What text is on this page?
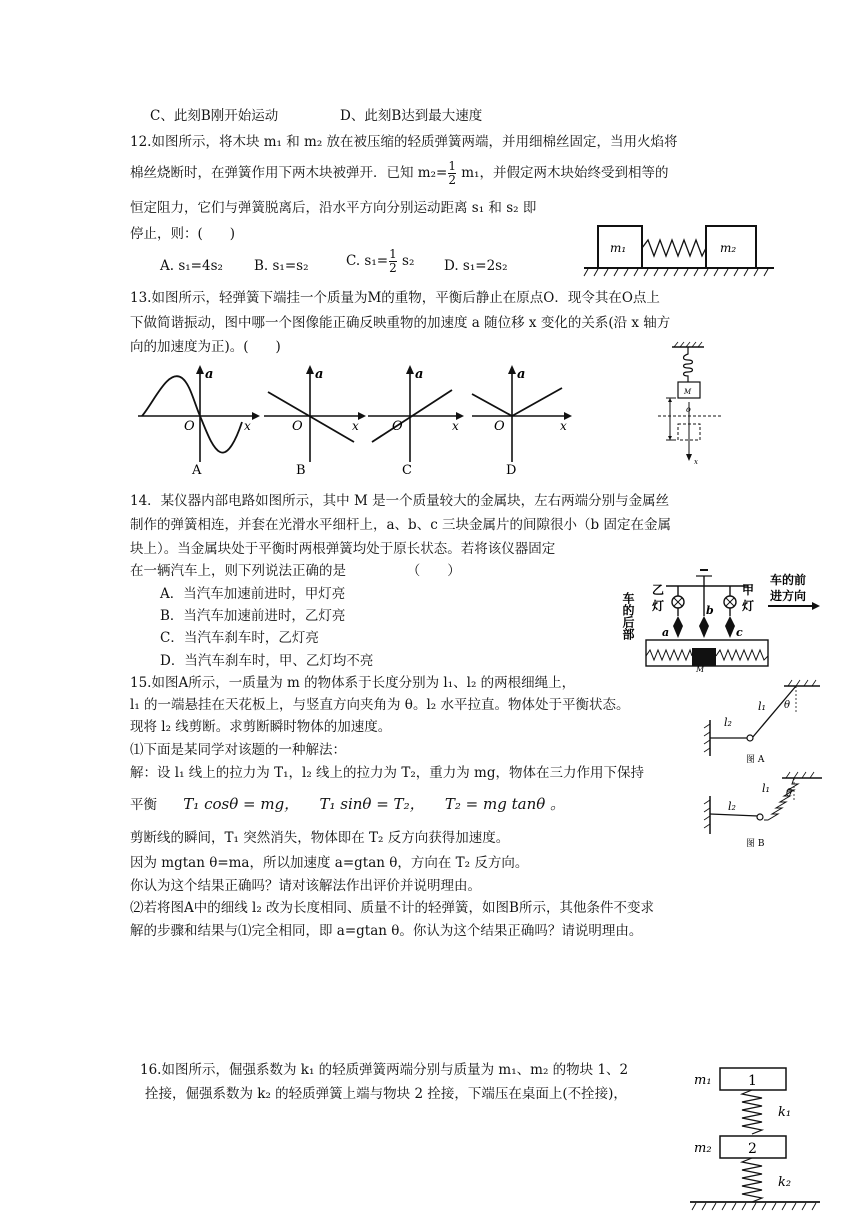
C、此刻B刚开始运动	D、此刻B达到最大速度
12.如图所示，将木块 m₁ 和 m₂ 放在被压缩的轻质弹簧两端，并用细棉丝固定，当用火焰将
棉丝烧断时，在弹簧作用下两木块被弹开．已知 $m_2= \frac{1}{2} m_1$，并假定两木块始终受到相等的
恒定阻力，它们与弹簧脱离后，沿水平方向分别运动距离 s₁ 和 s₂ 即
停止，则：(　　)
A. s₁=4s₂ B. s₁=s₂	C. $s_1= \frac{1}{2} s_2$ D. s₁=2s₂
m₁	m₂
13.如图所示，轻弹簧下端挂一个质量为M的重物，平衡后静止在原点O．现令其在O点上
下做简谐振动，图中哪一个图像能正确反映重物的加速度 a 随位移 x 变化的关系(沿 x 轴方
向的加速度为正)。(　　)
a
x
O
A
a
x
O
B
a
x
O
C
a
x
O
D
M
o
x
14．某仪器内部电路如图所示，其中 M 是一个质量较大的金属块，左右两端分别与金属丝
制作的弹簧相连，并套在光滑水平细杆上，a、b、c 三块金属片的间隙很小（b 固定在金属
块上）。当金属块处于平衡时两根弹簧均处于原长状态。若将该仪器固定
在一辆汽车上，则下列说法正确的是　　　　　（　　）
A．当汽车加速前进时，甲灯亮
B．当汽车加速前进时，乙灯亮
C．当汽车刹车时，乙灯亮
D．当汽车刹车时，甲、乙灯均不亮
车的后部
车的前
进方向
乙
灯
甲
灯
a
b
c
M
15.如图A所示，一质量为 m 的物体系于长度分别为 l₁、l₂ 的两根细绳上，
l₁ 的一端悬挂在天花板上，与竖直方向夹角为 θ。l₂ 水平拉直。物体处于平衡状态。
现将 l₂ 线剪断。求剪断瞬时物体的加速度。
⑴下面是某同学对该题的一种解法：
解：设 l₁ 线上的拉力为 T₁，l₂ 线上的拉力为 T₂，重力为 mg，物体在三力作用下保持
平衡 T₁ cosθ = mg， T₁ sinθ = T₂， T₂ = mg tanθ 。
剪断线的瞬间，T₁ 突然消失，物体即在 T₂ 反方向获得加速度。
因为 mgtan θ=ma，所以加速度 a=gtan θ，方向在 T₂ 反方向。
你认为这个结果正确吗？请对该解法作出评价并说明理由。
⑵若将图A中的细线 l₂ 改为长度相同、质量不计的轻弹簧，如图B所示，其他条件不变求
解的步骤和结果与⑴完全相同，即 a=gtan θ。你认为这个结果正确吗？请说明理由。
l₁
l₂
θ
图 A
l₁
l₂
θ
图 B
16.如图所示，倔强系数为 k₁ 的轻质弹簧两端分别与质量为 m₁、m₂ 的物块 1、2
拴接，倔强系数为 k₂ 的轻质弹簧上端与物块 2 拴接，下端压在桌面上(不拴接)，
m₁	1
k₁
m₂	2
k₂
